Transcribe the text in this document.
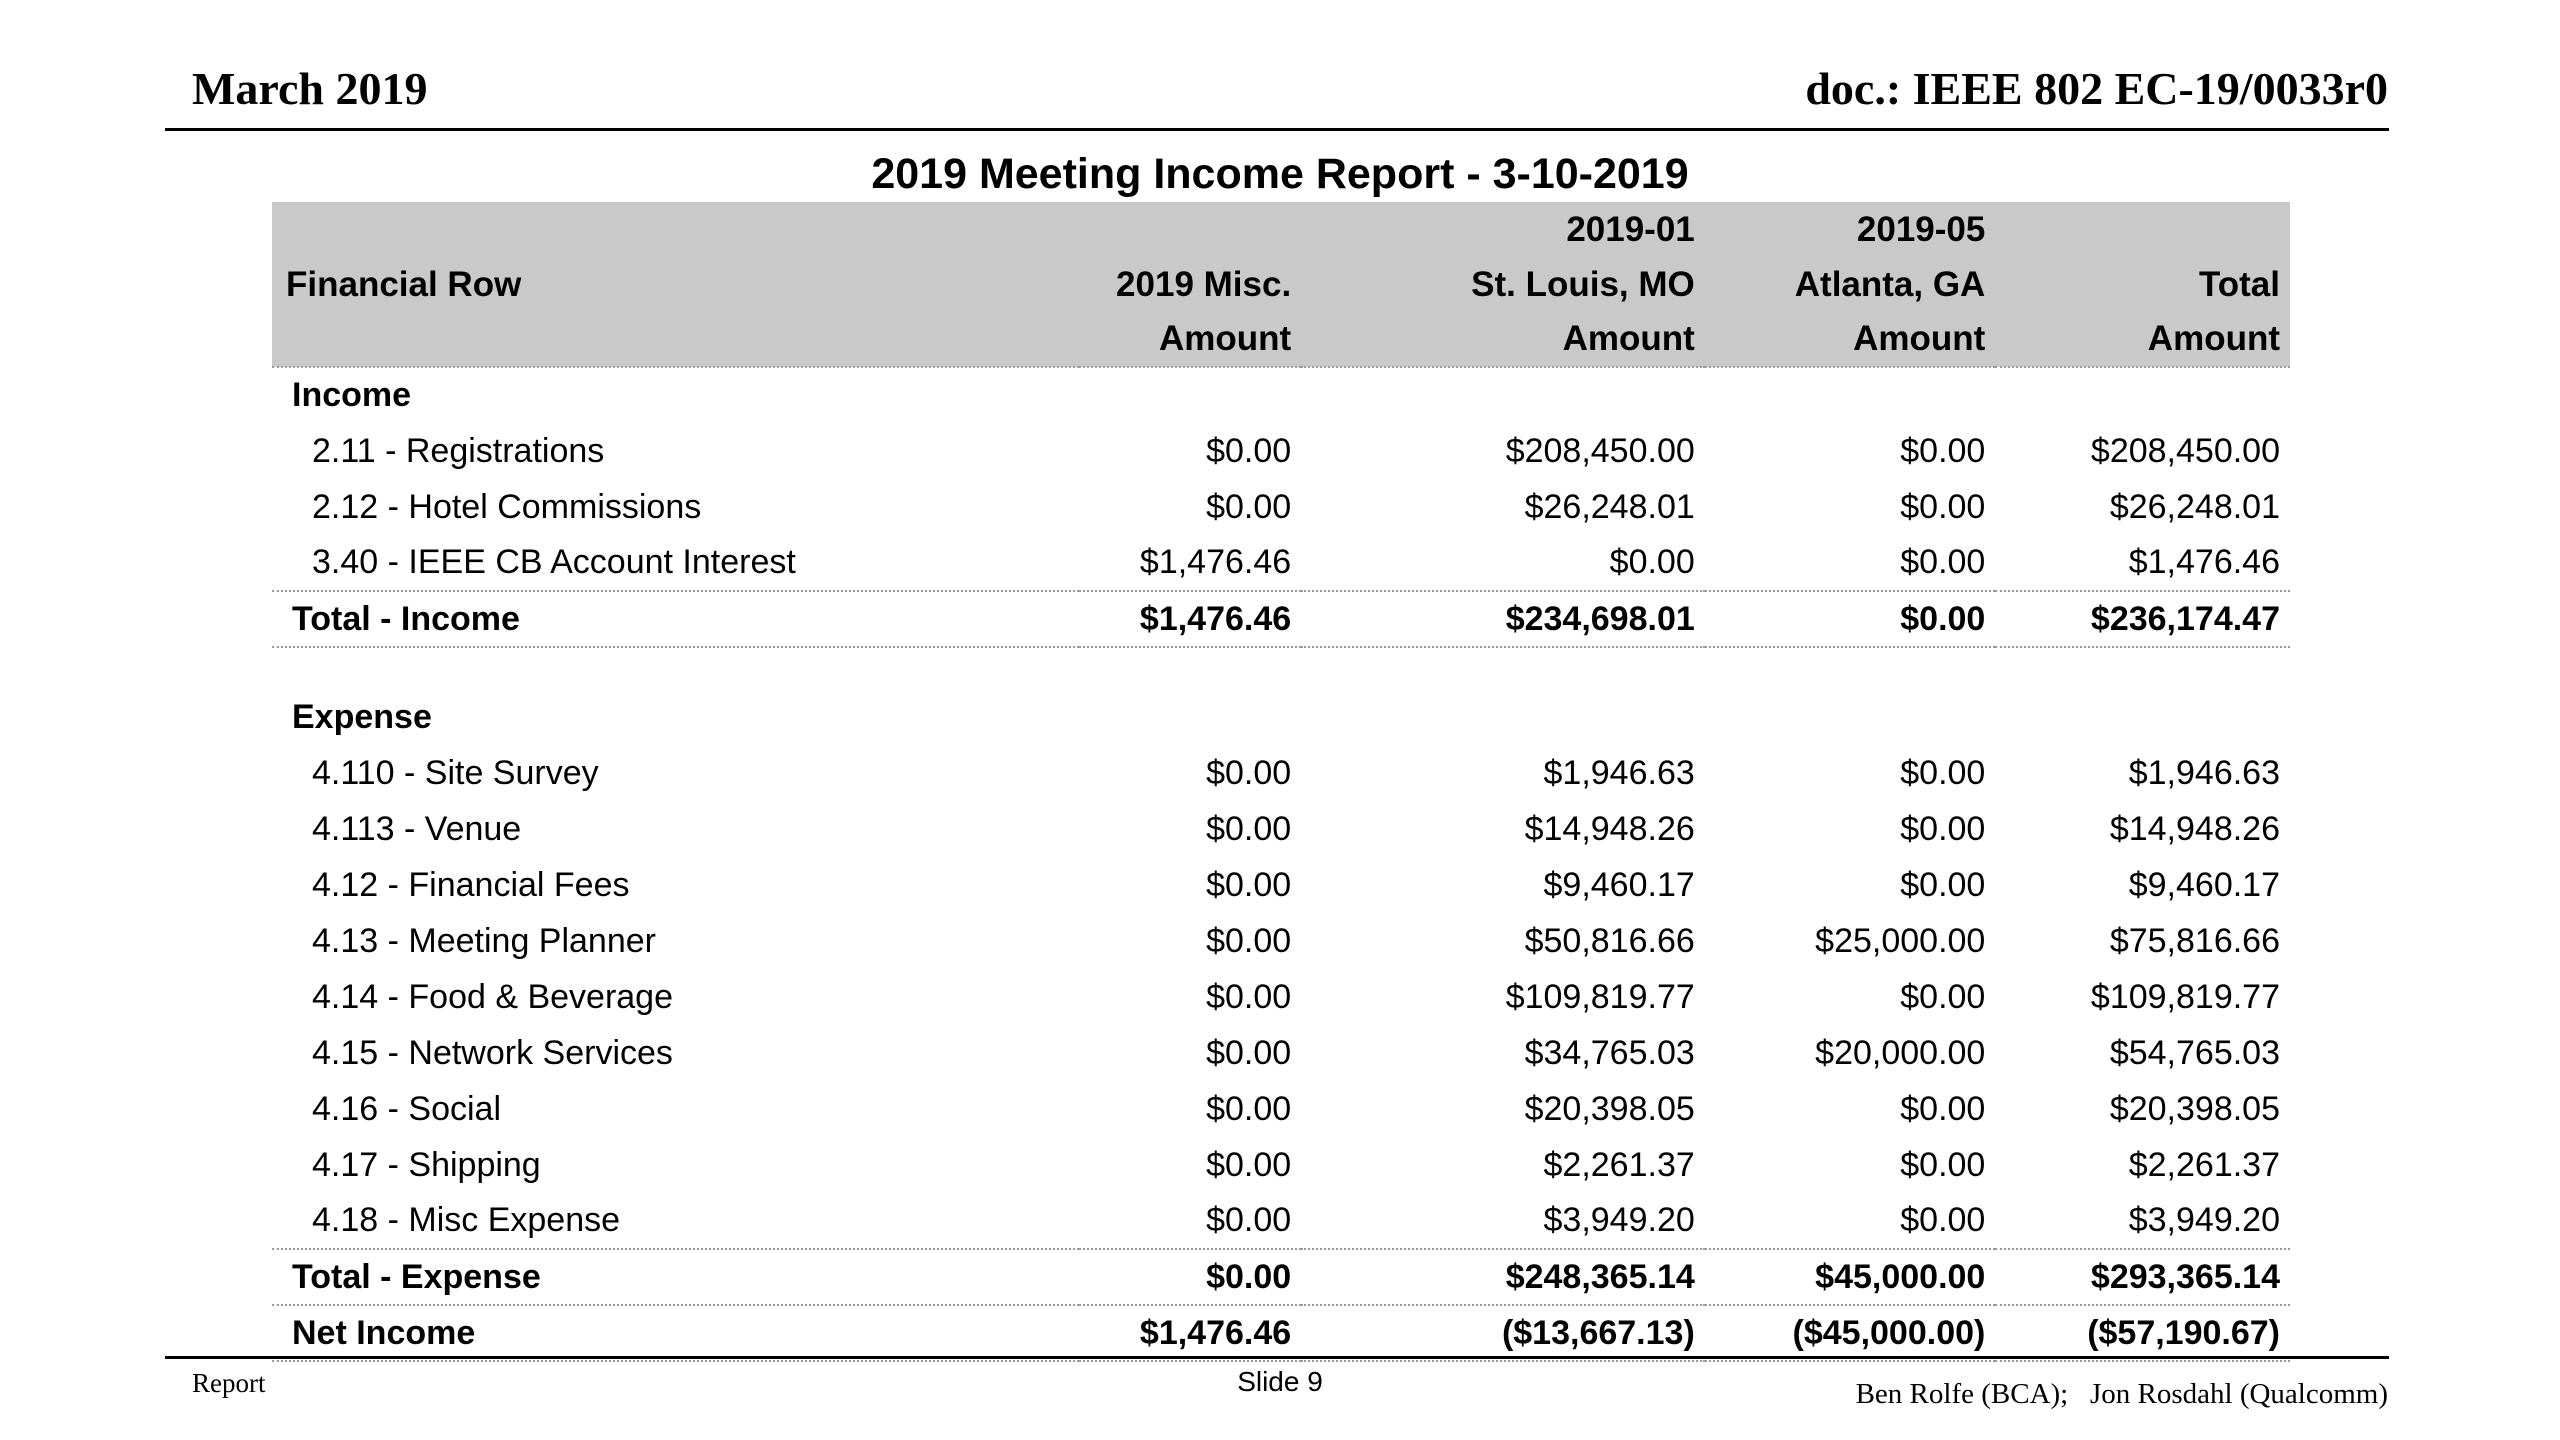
March 2019	doc.: IEEE 802 EC-19/0033r0
2019 Meeting Income Report - 3-10-2019
		2019-01	2019-05	
Financial Row	2019 Misc.	St. Louis, MO	Atlanta, GA	Total
	Amount	Amount	Amount	Amount
Income				
2.11 - Registrations	$0.00	$208,450.00	$0.00	$208,450.00
2.12 - Hotel Commissions	$0.00	$26,248.01	$0.00	$26,248.01
3.40 - IEEE CB Account Interest	$1,476.46	$0.00	$0.00	$1,476.46
Total - Income	$1,476.46	$234,698.01	$0.00	$236,174.47

Expense				
4.110 - Site Survey	$0.00	$1,946.63	$0.00	$1,946.63
4.113 - Venue	$0.00	$14,948.26	$0.00	$14,948.26
4.12 - Financial Fees	$0.00	$9,460.17	$0.00	$9,460.17
4.13 - Meeting Planner	$0.00	$50,816.66	$25,000.00	$75,816.66
4.14 - Food & Beverage	$0.00	$109,819.77	$0.00	$109,819.77
4.15 - Network Services	$0.00	$34,765.03	$20,000.00	$54,765.03
4.16 - Social	$0.00	$20,398.05	$0.00	$20,398.05
4.17 - Shipping	$0.00	$2,261.37	$0.00	$2,261.37
4.18 - Misc Expense	$0.00	$3,949.20	$0.00	$3,949.20
Total - Expense	$0.00	$248,365.14	$45,000.00	$293,365.14
Net Income	$1,476.46	($13,667.13)	($45,000.00)	($57,190.67)
Report	Slide 9	Ben Rolfe (BCA);   Jon Rosdahl (Qualcomm)
